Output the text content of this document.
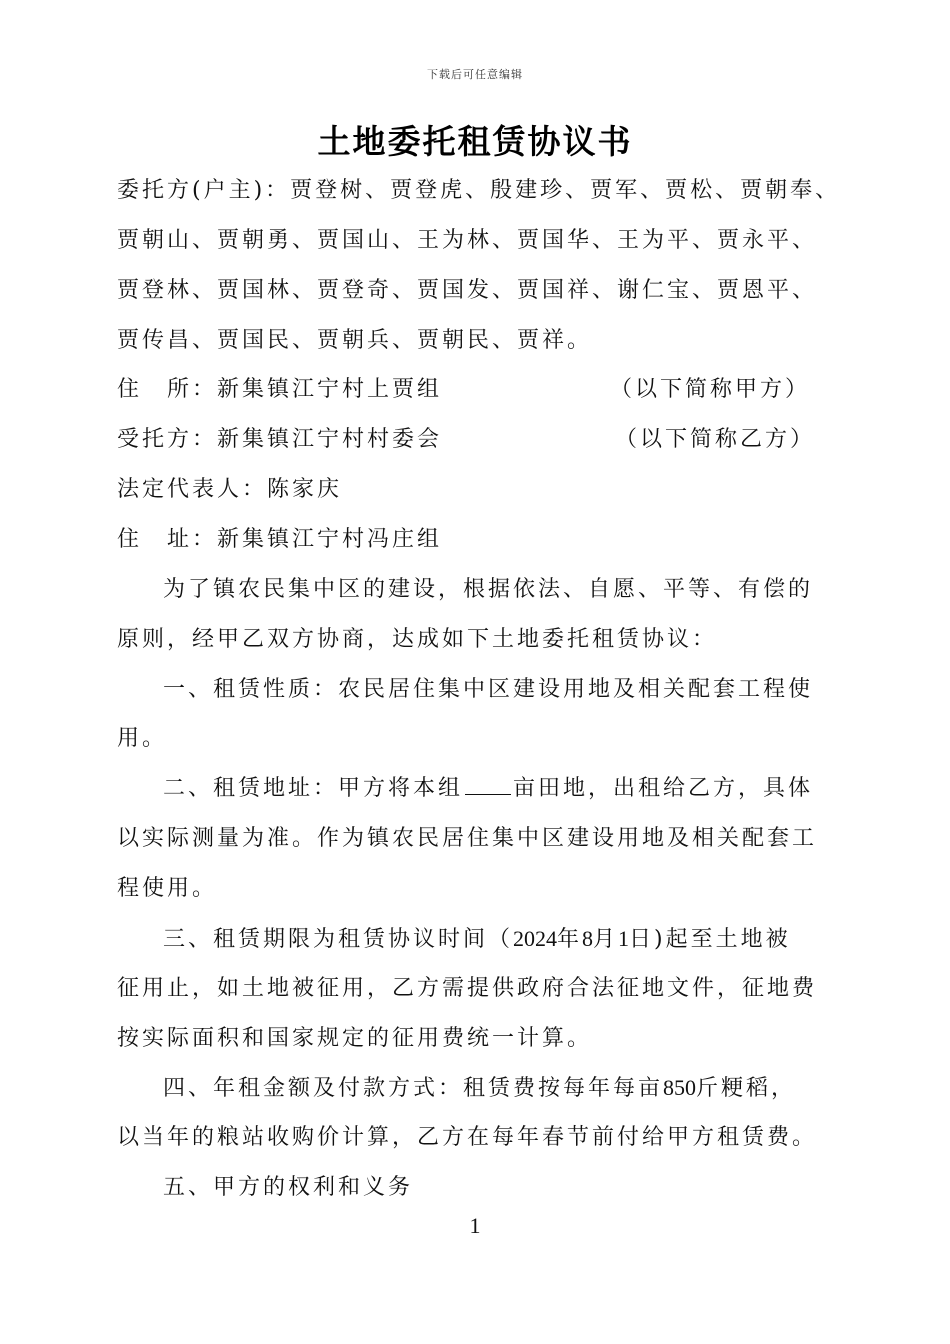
下载后可任意编辑
土地委托租赁协议书
委托方(户主)：贾登树、贾登虎、殷建珍、贾军、贾松、贾朝奉、
贾朝山、贾朝勇、贾国山、王为林、贾国华、王为平、贾永平、
贾登林、贾国林、贾登奇、贾国发、贾国祥、谢仁宝、贾恩平、
贾传昌、贾国民、贾朝兵、贾朝民、贾祥。
住　所：新集镇江宁村上贾组	（以下简称甲方）
受托方：新集镇江宁村村委会	（以下简称乙方）
法定代表人：陈家庆
住　址：新集镇江宁村冯庄组
为了镇农民集中区的建设，根据依法、自愿、平等、有偿的
原则，经甲乙双方协商，达成如下土地委托租赁协议：
一、租赁性质：农民居住集中区建设用地及相关配套工程使
用。
二、租赁地址：甲方将本组 亩田地，出租给乙方，具体
以实际测量为准。作为镇农民居住集中区建设用地及相关配套工
程使用。
三、租赁期限为租赁协议时间（2024年8月1日)起至土地被
征用止，如土地被征用，乙方需提供政府合法征地文件，征地费
按实际面积和国家规定的征用费统一计算。
四、年租金额及付款方式：租赁费按每年每亩850斤粳稻，
以当年的粮站收购价计算，乙方在每年春节前付给甲方租赁费。
五、甲方的权利和义务
1
